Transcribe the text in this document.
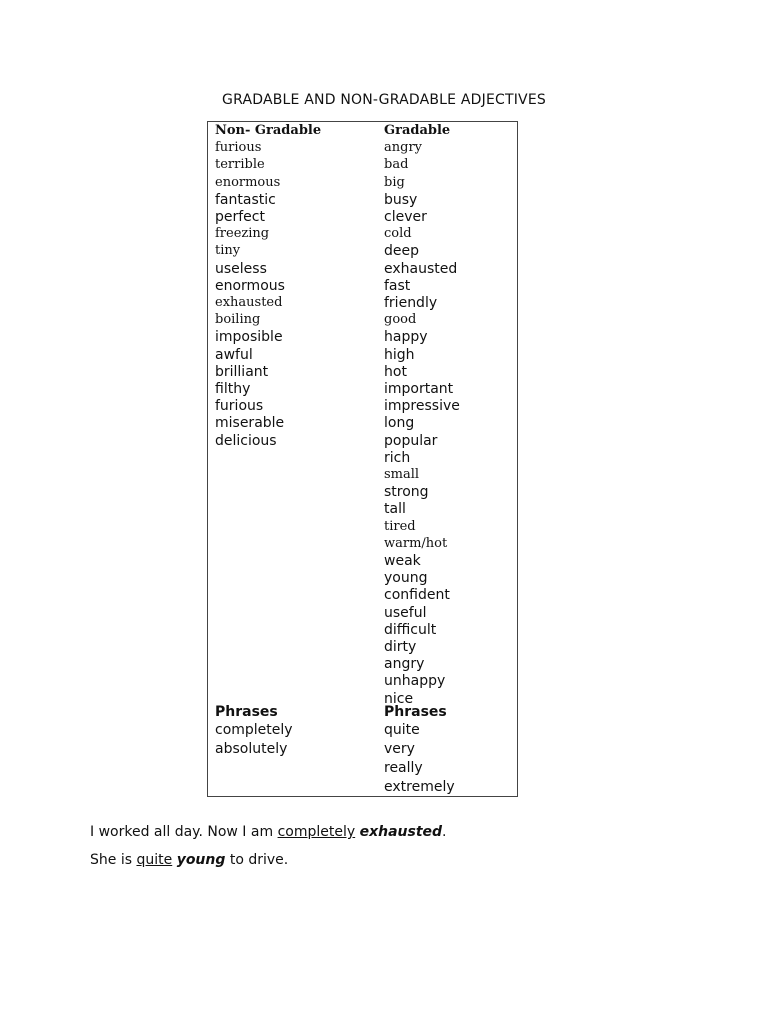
GRADABLE AND NON-GRADABLE ADJECTIVES
Non- Gradable
furious
terrible
enormous
fantastic
perfect
freezing
tiny
useless
enormous
exhausted
boiling
imposible
awful
brilliant
filthy
furious
miserable
delicious
Phrases
completely
absolutely
Gradable
angry
bad
big
busy
clever
cold
deep
exhausted
fast
friendly
good
happy
high
hot
important
impressive
long
popular
rich
small
strong
tall
tired
warm/hot
weak
young
confident
useful
difficult
dirty
angry
unhappy
nice
Phrases
quite
very
really
extremely
I worked all day. Now I am completely exhausted.
She is quite young to drive.
